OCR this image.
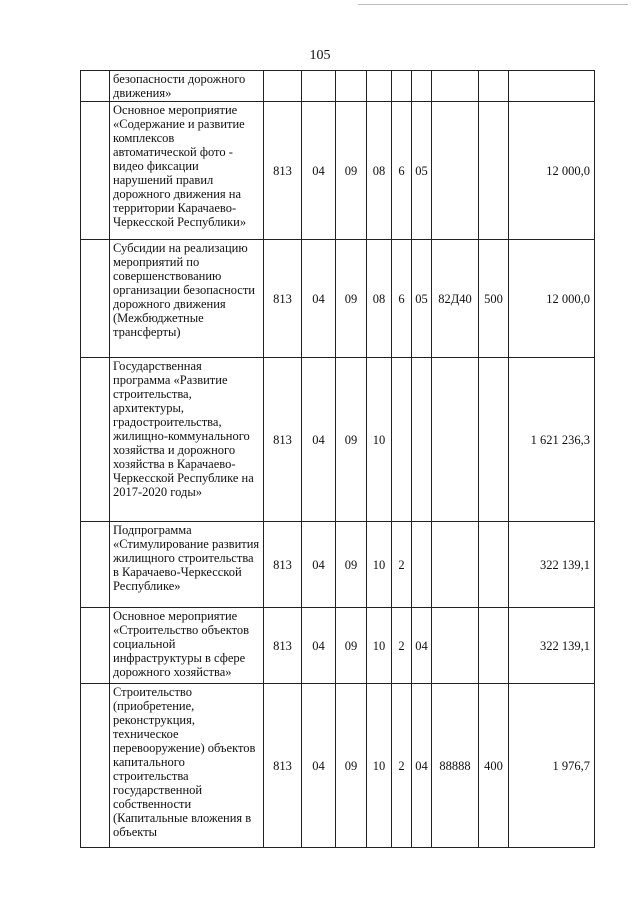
105
	безопасности дорожного движения»									
	Основное мероприятие «Содержание и развитие комплексов автоматической фото - видео фиксации нарушений правил дорожного движения на территории Карачаево-Черкесской Республики»	813	04	09	08	6	05			12 000,0
	Субсидии на реализацию мероприятий по совершенствованию организации безопасности дорожного движения (Межбюджетные трансферты)	813	04	09	08	6	05	82Д40	500	12 000,0
	Государственная программа «Развитие строительства, архитектуры, градостроительства, жилищно-коммунального хозяйства и дорожного хозяйства в Карачаево-Черкесской Республике на 2017-2020 годы»	813	04	09	10					1 621 236,3
	Подпрограмма «Стимулирование развития жилищного строительства в Карачаево-Черкесской Республике»	813	04	09	10	2				322 139,1
	Основное мероприятие «Строительство объектов социальной инфраструктуры в сфере дорожного хозяйства»	813	04	09	10	2	04			322 139,1
	Строительство (приобретение, реконструкция, техническое перевооружение) объектов капитального строительства государственной собственности (Капитальные вложения в объекты	813	04	09	10	2	04	88888	400	1 976,7
